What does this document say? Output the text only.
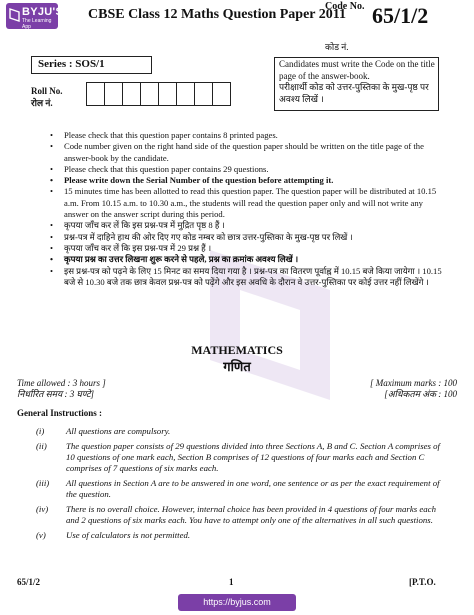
BYJU'S
The Learning App
CBSE Class 12 Maths Question Paper 2011
Code No. 65/1/2
कोड नं.
Series : SOS/1
Roll No.
रोल नं.
Candidates must write the Code on the title page of the answer-book.
परीक्षार्थी कोड को उत्तर-पुस्तिका के मुख-पृष्ठ पर अवश्य लिखें ।
• Please check that this question paper contains 8 printed pages.
• Code number given on the right hand side of the question paper should be written on the title page of the answer-book by the candidate.
• Please check that this question paper contains 29 questions.
• Please write down the Serial Number of the question before attempting it.
• 15 minutes time has been allotted to read this question paper. The question paper will be distributed at 10.15 a.m. From 10.15 a.m. to 10.30 a.m., the students will read the question paper only and will not write any answer on the answer script during this period.
• कृपया जाँच कर लें कि इस प्रश्न-पत्र में मुद्रित पृष्ठ 8 हैं ।
• प्रश्न-पत्र में दाहिने हाथ की ओर दिए गए कोड नम्बर को छात्र उत्तर-पुस्तिका के मुख-पृष्ठ पर लिखें ।
• कृपया जाँच कर लें कि इस प्रश्न-पत्र में 29 प्रश्न हैं ।
• कृपया प्रश्न का उत्तर लिखना शुरू करने से पहले, प्रश्न का क्रमांक अवश्य लिखें ।
• इस प्रश्न-पत्र को पढ़ने के लिए 15 मिनट का समय दिया गया है । प्रश्न-पत्र का वितरण पूर्वाह्न में 10.15 बजे किया जायेगा । 10.15 बजे से 10.30 बजे तक छात्र केवल प्रश्न-पत्र को पढ़ेंगे और इस अवधि के दौरान वे उत्तर-पुस्तिका पर कोई उत्तर नहीं लिखेंगे ।
MATHEMATICS
गणित
Time allowed : 3 hours ]
निर्धारित समय : 3 घण्टे]
[ Maximum marks : 100
[अधिकतम अंक : 100
General Instructions :
(i) All questions are compulsory.
(ii) The question paper consists of 29 questions divided into three Sections A, B and C. Section A comprises of 10 questions of one mark each, Section B comprises of 12 questions of four marks each and Section C comprises of 7 questions of six marks each.
(iii) All questions in Section A are to be answered in one word, one sentence or as per the exact requirement of the question.
(iv) There is no overall choice. However, internal choice has been provided in 4 questions of four marks each and 2 questions of six marks each. You have to attempt only one of the alternatives in all such questions.
(v) Use of calculators is not permitted.
65/1/2	1	[P.T.O.
https://byjus.com
